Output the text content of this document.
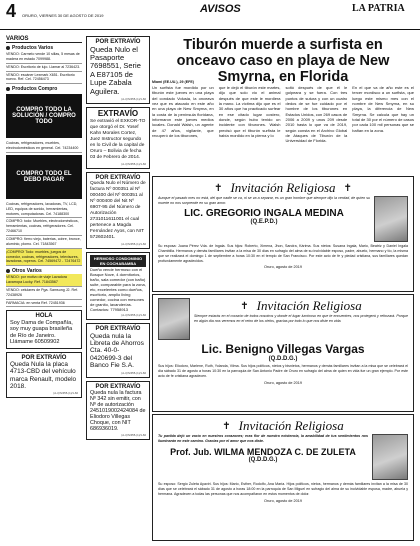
4 ORURO, VIERNES 30 DE AGOSTO DE 2019
AVISOS	LA PATRIA
VARIOS
Productos Varios
VENDO: Carmelo vende 10 sillas, 5 mesas de madera en estado 7099988.
VENDO: Escritorio de lujo. Llamar al 7236423.
VENDO: escáner Lexmark X651. Escritorio nuevo. Ref. Cel. 72456473
Productos Compro
COMPRO TODO LA SOLUCIÓN / COMPRO TODO
Cocinas, refrigeradores, muebles, electrodomésticos en general. Cel. 74234400
COMPRO TODO EL DEBO PAGAR
Cocinas, refrigeradores, lavadoras, TV, LCD, LED, equipos de sonido, herramientas, motores, computadoras. Cel. 74188300
COMPRO: todo: Muebles, electrodomésticos, herramientas, cocinas, refrigeradores. Cel. 72466710
COMPRO: fierro viejo, baterías, cobre, bronce, aluminio, plomo. Cel. 71843567
¡COMPRO! Todo: muebles, juegos de comedor, cocinas, refrigeradores, televisores, lavadoras, roperos. Cel. 74569472 - 72476472
Otros Varios
VENDO: por motivo de viaje Lavadora Lavarropa Lucky. Ref. 71843567
VENDO: celulares de Pga. Samsung J2. Ref. 72438926
FARMACIA: en venta Ref. 72451936
HOLA
Soy Dama de Compañía, soy muy guapa brasileña de Río de Janeiro. Llámame 60509902
POR EXTRAVÍO
Queda Nula la placa 4713-CBD del vehículo marca Renault, modelo 2018.
(A-4)72455-(1)/1-60
POR EXTRAVÍO
Queda Nulo el Pasaporte 7698551, Serie A E87105 de Lupe Zabala Aguilera.
(A-4)72455-(1)/1-60
EXTRAVÍO
Se extravió el EXKOR-TO que otorgó el Dr. Yosef Kahn Morales Cortez, Juez Instructor segundo en lo Civil de la capital de Oruro – Bolivia de fecha 03 de Febrero de 2014.
(A-4)72455-(1)/1-60
POR EXTRAVÍO
Queda Nulo el Número de factura Nº 000351 al Nº 000400 del Nº 000351 al Nº 000400 del Nit Nº 6907-95 del Número de Autorización 2731011611001 el cual pertenece a Magda Fernández Ayos, con NIT 572602401.
(A-4)72455-(1)/1-60
HERMOSO CONDOMINIO EN COCHABAMBA
Dueño vende hermoso con el Bosque Nove, 4 dormitorios, baño, sala comedor (con baño) suite, comparable para la zona, etc, excelentes como dueños, escritorio, amplio living comedor, cocina con mesones de granito, lavanderías. Contactos: 77958913
(A-4)72455-(1)/1-60
POR EXTRAVÍO
Queda nula la Libreta de Ahorros Cta. 40-0-0420699-3 del Banco Fie S.A.
(A-4)72455-(1)/1-60
POR EXTRAVÍO
Queda nula la factura Nº 342 sin emitir, con Nº de autorización 2451019002424084 de Eliodoro Villegas Choque, con NIT 686936019.
(A-4)72455-(1)/1-60
Tiburón muerde a surfista en onceavo caso en playa de New Smyrna, en Florida
Miami (EE.UU.), 29 (EFE)
Un surfista fue mordido por un tiburón este jueves en una playa del condado Volusia, la onceava vez que es atacado en este año en una playa de New Smyrna, en la costa de la península floridana, informaron este jueves medios locales. Donald Walsh, un agente de 47 años, vigilante, que recuperó de los tiburones,
que le dejó el tiburón este martes, dijo que solo vio el animal después de que este le mordiera la mano. La víctima dijo que es el 30 años que ha practicado surfear en ese citado lugar costero, donde, según hubo tenido un incidente con tiburones. Walsh precisó que el tiburón surfista le había mordido en la pierna y lo
soltó después de que él le golpeara y se fuera. Con tres puntos de sutura y con un cuatro dedos de se fue cuidado por el hombre de los tiburones en Estados Unidos, con 269 casos de 2006 a 2009 y unos 209 desde 2010 hasta lo que va de 2019, según consta en el Archivo Global de Ataques de Tiburón de la Universidad de Florida.
En el que va de año este es el tercer mordisco a un surfista, que luego este mismo mes con el nombre de New Smyrna, en su playa, la diferencia de New Smyrna. Se calcula que hay un total de 30 por el número de casos por cada 100 mil personas que se bañan en la zona.
✝ Invitación Religiosa ✝
Aunque el pasado mes no está, del que nadie se va, ni se va a separar, es un gran hombre que siempre dijo la verdad, de quien su muerte no nos sorprende en su gran amor.
LIC. GREGORIO INGALA MEDINA
(Q.E.P.D.)
Su esposa: Juana Pérez Vda. de Ingala. Sus hijos: Roberto, Ximena, Jhon, Sandra, Kárima. Sus nietos: Susana Ingala, Mario, Beatriz y Daniel Ingala Chambilla. Hermanos y demás familiares invitan a la misa de 30 días en sufragio del alma de su inolvidable esposo, padre, abuelo, hermano y tío, la misma que se realizará el domingo 1 de septiembre a horas 10:30 en el templo de San Francisco. Por este acto de fe y piedad cristiana, sus familiares quedan profundamente agradecidos.
Oruro, agosto de 2019
✝ Invitación Religiosa
Siempre estarás en el corazón de todos nosotros y donde el lugar luminoso en que te encuentres, nos protegerá y reforzará. Porque en algún día nos veremos en el reino de los cielos, gracias por todo lo que nos diste en vida.
Lic. Benigno Villegas Vargas
(Q.D.D.G.)
Sus hijos: Eliodoro, Marlene, Ruth, Yolanda, Vilma. Sus hijos políticos, nietos y bisnietos, hermanos y demás familiares invitan a la misa que se celebrará el día sábado 31 de agosto a horas 10:30 en la parroquia de San Antonio Padre de Oruro en sufragio del alma de quien en vida fue un gran ejemplo. Por este acto de fe cristiana agradecen.
Oruro, agosto de 2019
✝ Invitación Religiosa
Tu partida dejó un vacío en nuestros corazones; eras flor de nuestra existencia, la amabilidad de tus sentimientos nos iluminarán en este camino. Gracias por el amor que nos diste.
Prof. Jub. WILMA MENDOZA C. DE ZULETA
(Q.D.D.G.)
Su esposo: Sergio Zuleta Ayaviri. Sus hijos: Mario, Esther, Rodolfo, Ana María. Hijos políticos, nietos, hermanos y demás familiares invitan a la misa de 30 días que se celebrará el sábado 31 de agosto a horas 18:00 en la parroquia de San Miguel en sufragio del alma de su inolvidable esposa, madre, abuela y hermana. Agradecen a todas las personas que nos acompañaron en estos momentos de dolor.
Oruro, agosto de 2019
